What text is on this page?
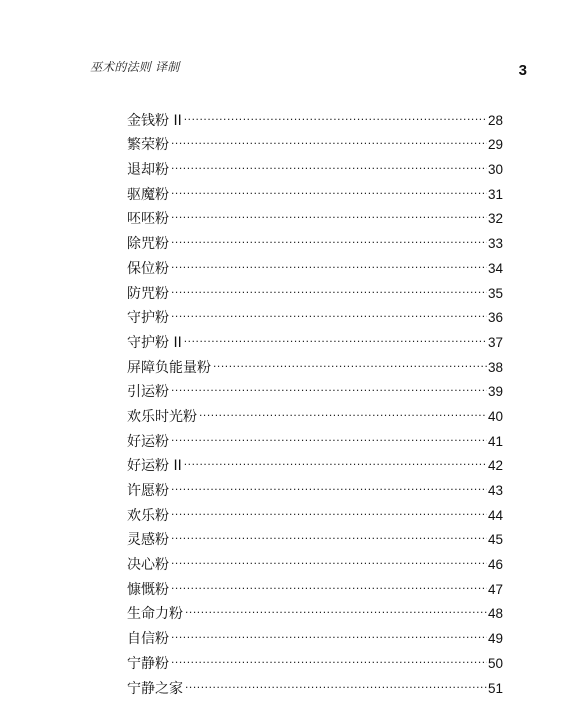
巫术的法则 译制	3
金钱粉 II .....	28
繁荣粉 .....	29
退却粉 .....	30
驱魔粉 .....	31
呸呸粉 .....	32
除咒粉 .....	33
保位粉 .....	34
防咒粉 .....	35
守护粉 .....	36
守护粉 II .....	37
屏障负能量粉 .....	38
引运粉 .....	39
欢乐时光粉 .....	40
好运粉 .....	41
好运粉 II .....	42
许愿粉 .....	43
欢乐粉 .....	44
灵感粉 .....	45
决心粉 .....	46
慷慨粉 .....	47
生命力粉 .....	48
自信粉 .....	49
宁静粉 .....	50
宁静之家 .....	51
